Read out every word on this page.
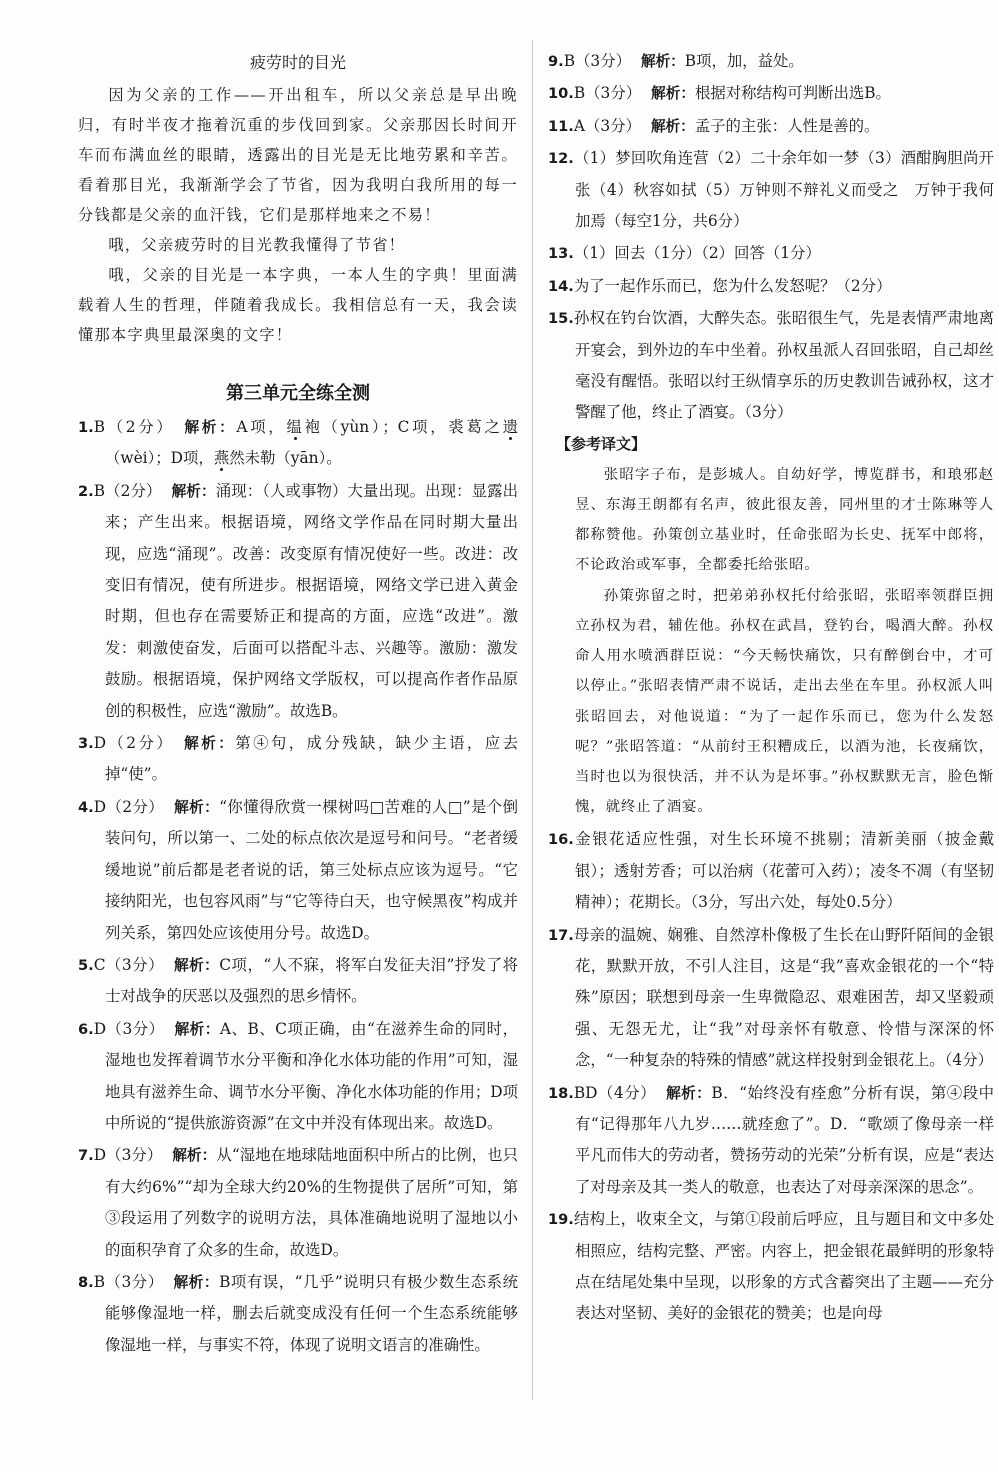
疲劳时的目光

因为父亲的工作——开出租车，所以父亲总是早出晚归，有时半夜才拖着沉重的步伐回到家。父亲那因长时间开车而布满血丝的眼睛，透露出的目光是无比地劳累和辛苦。看着那目光，我渐渐学会了节省，因为我明白我所用的每一分钱都是父亲的血汗钱，它们是那样地来之不易！

哦，父亲疲劳时的目光教我懂得了节省！

哦，父亲的目光是一本字典，一本人生的字典！里面满载着人生的哲理，伴随着我成长。我相信总有一天，我会读懂那本字典里最深奥的文字！

第三单元全练全测

1.B（2分） 解析：A项，缊袍（yùn）；C项，裘葛之遗（wèi）；D项，燕然未勒（yān）。

2.B（2分） 解析：涌现：（人或事物）大量出现。出现：显露出来；产生出来。根据语境，网络文学作品在同时期大量出现，应选“涌现”。改善：改变原有情况使好一些。改进：改变旧有情况，使有所进步。根据语境，网络文学已进入黄金时期，但也存在需要矫正和提高的方面，应选“改进”。激发：刺激使奋发，后面可以搭配斗志、兴趣等。激励：激发鼓励。根据语境，保护网络文学版权，可以提高作者作品原创的积极性，应选“激励”。故选B。

3.D（2分） 解析：第④句，成分残缺，缺少主语，应去掉“使”。

4.D（2分） 解析：“你懂得欣赏一棵树吗□苦难的人□”是个倒装问句，所以第一、二处的标点依次是逗号和问号。“老者缓缓地说”前后都是老者说的话，第三处标点应该为逗号。“它接纳阳光，也包容风雨”与“它等待白天，也守候黑夜”构成并列关系，第四处应该使用分号。故选D。

5.C（3分） 解析：C项，“人不寐，将军白发征夫泪”抒发了将士对战争的厌恶以及强烈的思乡情怀。

6.D（3分） 解析：A、B、C项正确，由“在滋养生命的同时，湿地也发挥着调节水分平衡和净化水体功能的作用”可知，湿地具有滋养生命、调节水分平衡、净化水体功能的作用；D项中所说的“提供旅游资源”在文中并没有体现出来。故选D。

7.D（3分） 解析：从“湿地在地球陆地面积中所占的比例，也只有大约6%”“却为全球大约20%的生物提供了居所”可知，第③段运用了列数字的说明方法，具体准确地说明了湿地以小的面积孕育了众多的生命，故选D。

8.B（3分） 解析：B项有误，“几乎”说明只有极少数生态系统能够像湿地一样，删去后就变成没有任何一个生态系统能够像湿地一样，与事实不符，体现了说明文语言的准确性。

9.B（3分） 解析：B项，加，益处。

10.B（3分） 解析：根据对称结构可判断出选B。

11.A（3分） 解析：孟子的主张：人性是善的。

12.（1）梦回吹角连营（2）二十余年如一梦（3）酒酣胸胆尚开张（4）秋容如拭（5）万钟则不辩礼义而受之　万钟于我何加焉（每空1分，共6分）

13.（1）回去（1分）（2）回答（1分）

14.为了一起作乐而已，您为什么发怒呢？（2分）

15.孙权在钓台饮酒，大醉失态。张昭很生气，先是表情严肃地离开宴会，到外边的车中坐着。孙权虽派人召回张昭，自己却丝毫没有醒悟。张昭以纣王纵情享乐的历史教训告诫孙权，这才警醒了他，终止了酒宴。（3分）

【参考译文】

张昭字子布，是彭城人。自幼好学，博览群书，和琅邪赵昱、东海王朗都有名声，彼此很友善，同州里的才士陈琳等人都称赞他。孙策创立基业时，任命张昭为长史、抚军中郎将，不论政治或军事，全都委托给张昭。

孙策弥留之时，把弟弟孙权托付给张昭，张昭率领群臣拥立孙权为君，辅佐他。孙权在武昌，登钓台，喝酒大醉。孙权命人用水喷洒群臣说：“今天畅快痛饮，只有醉倒台中，才可以停止。”张昭表情严肃不说话，走出去坐在车里。孙权派人叫张昭回去，对他说道：“为了一起作乐而已，您为什么发怒呢？”张昭答道：“从前纣王积糟成丘，以酒为池，长夜痛饮，当时也以为很快活，并不认为是坏事。”孙权默默无言，脸色惭愧，就终止了酒宴。

16.金银花适应性强，对生长环境不挑剔；清新美丽（披金戴银）；透射芳香；可以治病（花蕾可入药）；凌冬不凋（有坚韧精神）；花期长。（3分，写出六处，每处0.5分）

17.母亲的温婉、娴雅、自然淳朴像极了生长在山野阡陌间的金银花，默默开放，不引人注目，这是“我”喜欢金银花的一个“特殊”原因；联想到母亲一生卑微隐忍、艰难困苦，却又坚毅顽强、无怨无尤，让“我”对母亲怀有敬意、怜惜与深深的怀念，“一种复杂的特殊的情感”就这样投射到金银花上。（4分）

18.BD（4分） 解析：B．“始终没有痊愈”分析有误，第④段中有“记得那年八九岁……就痊愈了”。D．“歌颂了像母亲一样平凡而伟大的劳动者，赞扬劳动的光荣”分析有误，应是“表达了对母亲及其一类人的敬意，也表达了对母亲深深的思念”。

19.结构上，收束全文，与第①段前后呼应，且与题目和文中多处相照应，结构完整、严密。内容上，把金银花最鲜明的形象特点在结尾处集中呈现，以形象的方式含蓄突出了主题——充分表达对坚韧、美好的金银花的赞美；也是向母
